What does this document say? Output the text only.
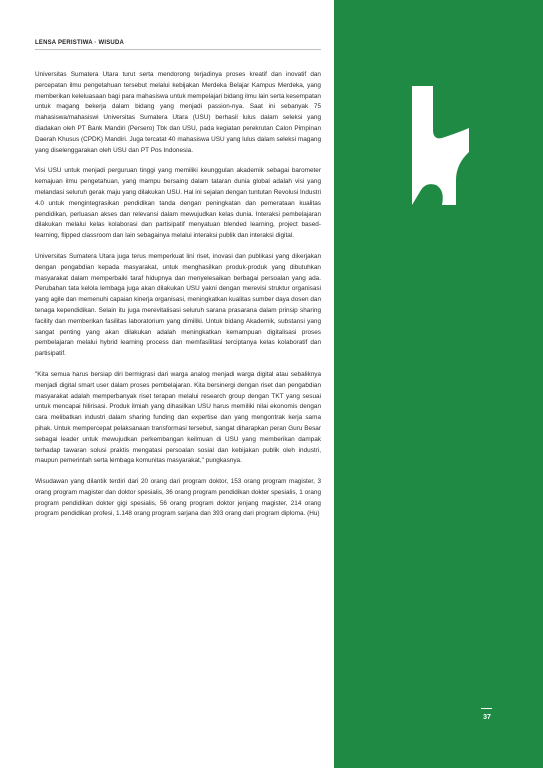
LENSA PERISTIWA · WISUDA

Universitas Sumatera Utara turut serta mendorong terjadinya proses kreatif dan inovatif dan percepatan ilmu pengetahuan tersebut melalui kebijakan Merdeka Belajar Kampus Merdeka, yang memberikan keleluasaan bagi para mahasiswa untuk mempelajari bidang ilmu lain serta kesempatan untuk magang bekerja dalam bidang yang menjadi passion-nya. Saat ini sebanyak 75 mahasiswa/mahasiswi Universitas Sumatera Utara (USU) berhasil lulus dalam seleksi yang diadakan oleh PT Bank Mandiri (Persero) Tbk dan USU, pada kegiatan perekrutan Calon Pimpinan Daerah Khusus (CPDK) Mandiri. Juga tercatat 40 mahasiswa USU yang lulus dalam seleksi magang yang diselenggarakan oleh USU dan PT Pos Indonesia.

Visi USU untuk menjadi perguruan tinggi yang memiliki keunggulan akademik sebagai barometer kemajuan ilmu pengetahuan, yang mampu bersaing dalam tataran dunia global adalah visi yang melandasi seluruh gerak maju yang dilakukan USU. Hal ini sejalan dengan tuntutan Revolusi Industri 4.0 untuk mengintegrasikan pendidikan tanda dengan peningkatan dan pemerataan kualitas pendidikan, perluasan akses dan relevansi dalam mewujudkan kelas dunia. Interaksi pembelajaran dilakukan melalui kelas kolaborasi dan partisipatif menyatuan blended learning, project based-learning, flipped classroom dan lain sebagainya melalui interaksi publik dan interaksi digital.

Universitas Sumatera Utara juga terus memperkuat lini riset, inovasi dan publikasi yang dikerjakan dengan pengabdian kepada masyarakat, untuk menghasilkan produk-produk yang dibutuhkan masyarakat dalam memperbaiki taraf hidupnya dan menyelesaikan berbagai persoalan yang ada. Perubahan tata kelola lembaga juga akan dilakukan USU yakni dengan merevisi struktur organisasi yang agile dan memenuhi capaian kinerja organisasi, meningkatkan kualitas sumber daya dosen dan tenaga kependidikan. Selain itu juga merevitalisasi seluruh sarana prasarana dalam prinsip sharing facility dan memberikan fasilitas laboratorium yang dimiliki. Untuk bidang Akademik, substansi yang sangat penting yang akan dilakukan adalah meningkatkan kemampuan digitalisasi proses pembelajaran melalui hybrid learning process dan memfasilitasi terciptanya kelas kolaboratif dan partisipatif.

"Kita semua harus bersiap diri bermigrasi dari warga analog menjadi warga digital atau sebaliknya menjadi digital smart user dalam proses pembelajaran. Kita bersinergi dengan riset dan pengabdian masyarakat adalah memperbanyak riset terapan melalui research group dengan TKT yang sesuai untuk mencapai hilirisasi. Produk ilmiah yang dihasilkan USU harus memiliki nilai ekonomis dengan cara melibatkan industri dalam sharing funding dan expertise dan yang mengontrak kerja sama pihak. Untuk mempercepat pelaksanaan transformasi tersebut, sangat diharapkan peran Guru Besar sebagai leader untuk mewujudkan perkembangan keilmuan di USU yang memberikan dampak terhadap tawaran solusi praktis mengatasi persoalan sosial dan kebijakan publik oleh industri, maupun pemerintah serta lembaga komunitas masyarakat," pungkasnya.

Wisudawan yang dilantik terdiri dari 20 orang dari program doktor, 153 orang program magister, 3 orang program magister dan doktor spesialis, 36 orang program pendidikan dokter spesialis, 1 orang program pendidikan dokter gigi spesialis, 56 orang program doktor jenjang magister, 214 orang program pendidikan profesi, 1.148 orang program sarjana dan 393 orang dari program diploma. (Hu)

37
